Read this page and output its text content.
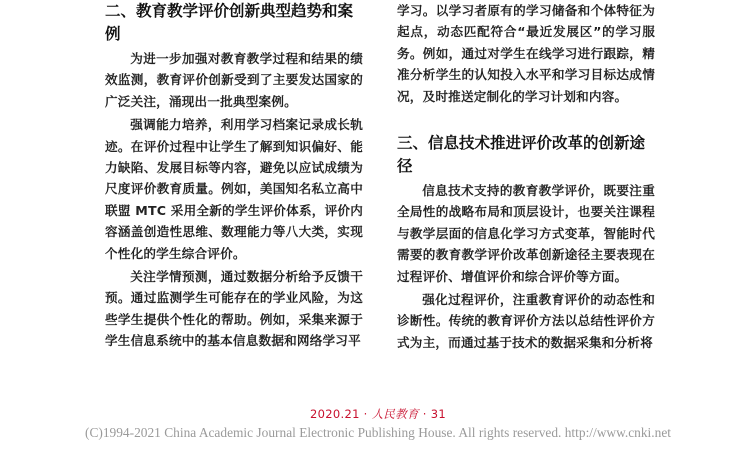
二、教育教学评价创新典型趋势和案例

为进一步加强对教育教学过程和结果的绩效监测，教育评价创新受到了主要发达国家的广泛关注，涌现出一批典型案例。

强调能力培养，利用学习档案记录成长轨迹。在评价过程中让学生了解到知识偏好、能力缺陷、发展目标等内容，避免以应试成绩为尺度评价教育质量。例如，美国知名私立高中联盟 MTC 采用全新的学生评价体系，评价内容涵盖创造性思维、数理能力等八大类，实现个性化的学生综合评价。

关注学情预测，通过数据分析给予反馈干预。通过监测学生可能存在的学业风险，为这些学生提供个性化的帮助。例如，采集来源于学生信息系统中的基本信息数据和网络学习平

学习。以学习者原有的学习储备和个体特征为起点，动态匹配符合“最近发展区”的学习服务。例如，通过对学生在线学习进行跟踪，精准分析学生的认知投入水平和学习目标达成情况，及时推送定制化的学习计划和内容。

三、信息技术推进评价改革的创新途径

信息技术支持的教育教学评价，既要注重全局性的战略布局和顶层设计，也要关注课程与教学层面的信息化学习方式变革，智能时代需要的教育教学评价改革创新途径主要表现在过程评价、增值评价和综合评价等方面。

强化过程评价，注重教育评价的动态性和诊断性。传统的教育评价方法以总结性评价方式为主，而通过基于技术的数据采集和分析将

2020.21 · 人民教育 · 31
(C)1994-2021 China Academic Journal Electronic Publishing House. All rights reserved. http://www.cnki.net
